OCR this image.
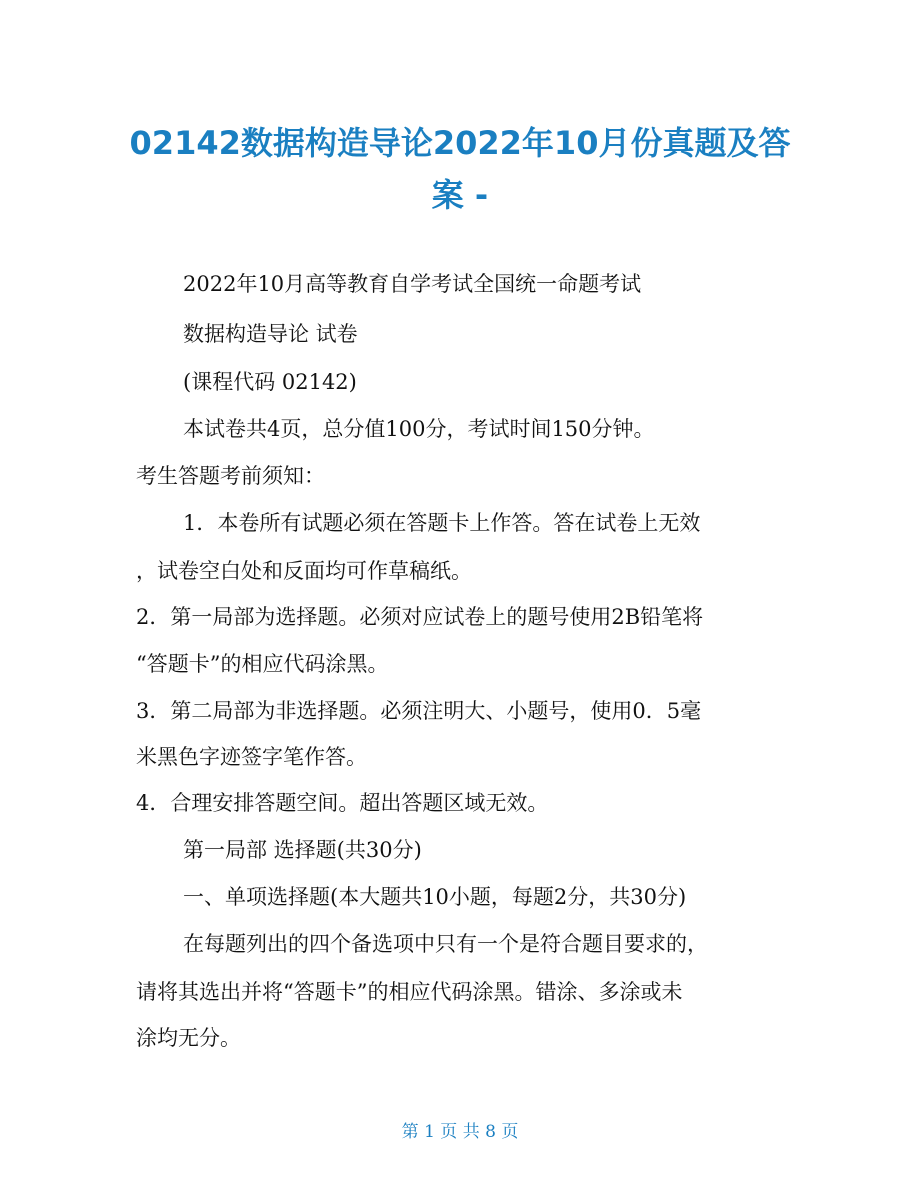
02142数据构造导论2022年10月份真题及答
案 -

2022年10月高等教育自学考试全国统一命题考试

数据构造导论 试卷

(课程代码 02142)

本试卷共4页，总分值100分，考试时间150分钟。

考生答题考前须知：

1．本卷所有试题必须在答题卡上作答。答在试卷上无效

，试卷空白处和反面均可作草稿纸。

2．第一局部为选择题。必须对应试卷上的题号使用2B铅笔将

“答题卡”的相应代码涂黑。

3．第二局部为非选择题。必须注明大、小题号，使用0．5毫

米黑色字迹签字笔作答。

4．合理安排答题空间。超出答题区域无效。

第一局部 选择题(共30分)

一、单项选择题(本大题共10小题，每题2分，共30分)

在每题列出的四个备选项中只有一个是符合题目要求的，

请将其选出并将“答题卡”的相应代码涂黑。错涂、多涂或未

涂均无分。

第 1 页 共 8 页
